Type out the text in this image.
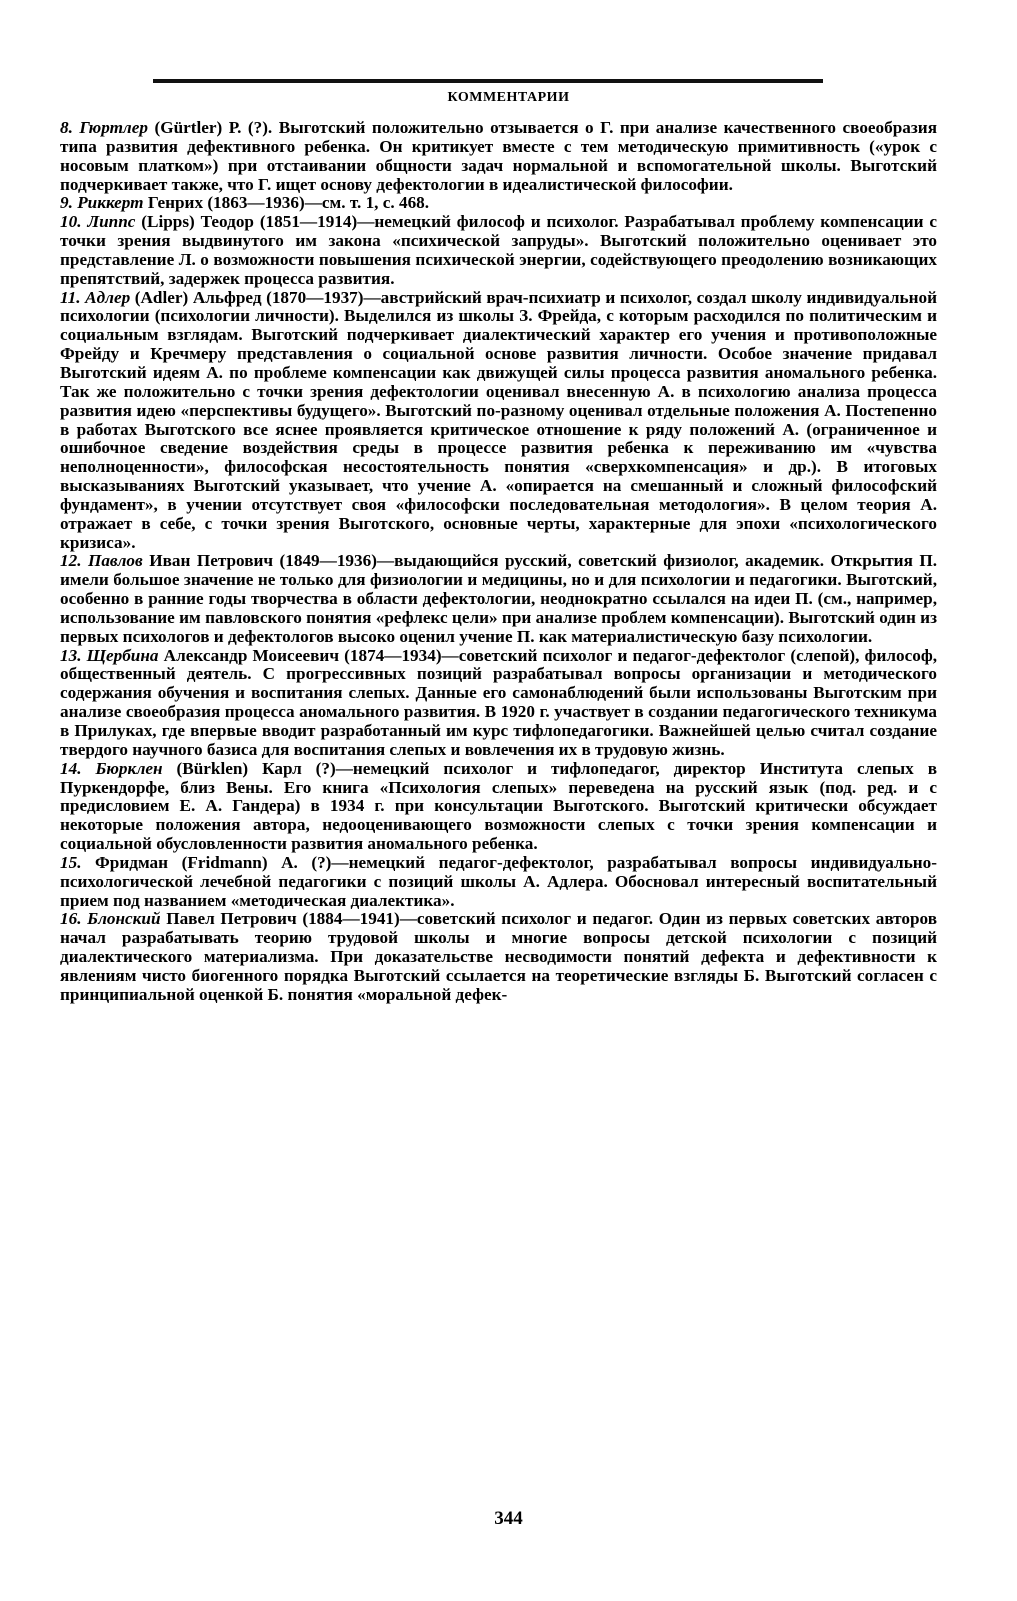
КОММЕНТАРИИ

8. Гюртлер (Gürtler) Р. (?). Выготский положительно отзывается о Г. при анализе качественного своеобразия типа развития дефективного ребенка. Он критикует вместе с тем методическую примитивность («урок с носовым платком») при отстаивании общности задач нормальной и вспомогательной школы. Выготский подчеркивает также, что Г. ищет основу дефектологии в идеалистической философии.

9. Риккерт Генрих (1863—1936)—см. т. 1, с. 468.

10. Липпс (Lipps) Теодор (1851—1914)—немецкий философ и психолог. Разрабатывал проблему компенсации с точки зрения выдвинутого им закона «психической запруды». Выготский положительно оценивает это представление Л. о возможности повышения психической энергии, содействующего преодолению возникающих препятствий, задержек процесса развития.

11. Адлер (Adler) Альфред (1870—1937)—австрийский врач-психиатр и психолог, создал школу индивидуальной психологии (психологии личности). Выделился из школы З. Фрейда, с которым расходился по политическим и социальным взглядам. Выготский подчеркивает диалектический характер его учения и противоположные Фрейду и Кречмеру представления о социальной основе развития личности. Особое значение придавал Выготский идеям А. по проблеме компенсации как движущей силы процесса развития аномального ребенка. Так же положительно с точки зрения дефектологии оценивал внесенную А. в психологию анализа процесса развития идею «перспективы будущего». Выготский по-разному оценивал отдельные положения А. Постепенно в работах Выготского все яснее проявляется критическое отношение к ряду положений А. (ограниченное и ошибочное сведение воздействия среды в процессе развития ребенка к переживанию им «чувства неполноценности», философская несостоятельность понятия «сверхкомпенсация» и др.). В итоговых высказываниях Выготский указывает, что учение А. «опирается на смешанный и сложный философский фундамент», в учении отсутствует своя «философски последовательная методология». В целом теория А. отражает в себе, с точки зрения Выготского, основные черты, характерные для эпохи «психологического кризиса».

12. Павлов Иван Петрович (1849—1936)—выдающийся русский, советский физиолог, академик. Открытия П. имели большое значение не только для физиологии и медицины, но и для психологии и педагогики. Выготский, особенно в ранние годы творчества в области дефектологии, неоднократно ссылался на идеи П. (см., например, использование им павловского понятия «рефлекс цели» при анализе проблем компенсации). Выготский один из первых психологов и дефектологов высоко оценил учение П. как материалистическую базу психологии.

13. Щербина Александр Моисеевич (1874—1934)—советский психолог и педагог-дефектолог (слепой), философ, общественный деятель. С прогрессивных позиций разрабатывал вопросы организации и методического содержания обучения и воспитания слепых. Данные его самонаблюдений были использованы Выготским при анализе своеобразия процесса аномального развития. В 1920 г. участвует в создании педагогического техникума в Прилуках, где впервые вводит разработанный им курс тифлопедагогики. Важнейшей целью считал создание твердого научного базиса для воспитания слепых и вовлечения их в трудовую жизнь.

14. Бюрклен (Bürklen) Карл (?)—немецкий психолог и тифлопедагог, директор Института слепых в Пуркендорфе, близ Вены. Его книга «Психология слепых» переведена на русский язык (под. ред. и с предисловием Е. А. Гандера) в 1934 г. при консультации Выготского. Выготский критически обсуждает некоторые положения автора, недооценивающего возможности слепых с точки зрения компенсации и социальной обусловленности развития аномального ребенка.

15. Фридман (Fridmann) А. (?)—немецкий педагог-дефектолог, разрабатывал вопросы индивидуально-психологической лечебной педагогики с позиций школы А. Адлера. Обосновал интересный воспитательный прием под названием «методическая диалектика».

16. Блонский Павел Петрович (1884—1941)—советский психолог и педагог. Один из первых советских авторов начал разрабатывать теорию трудовой школы и многие вопросы детской психологии с позиций диалектического материализма. При доказательстве несводимости понятий дефекта и дефективности к явлениям чисто биогенного порядка Выготский ссылается на теоретические взгляды Б. Выготский согласен с принципиальной оценкой Б. понятия «моральной дефек-

344
